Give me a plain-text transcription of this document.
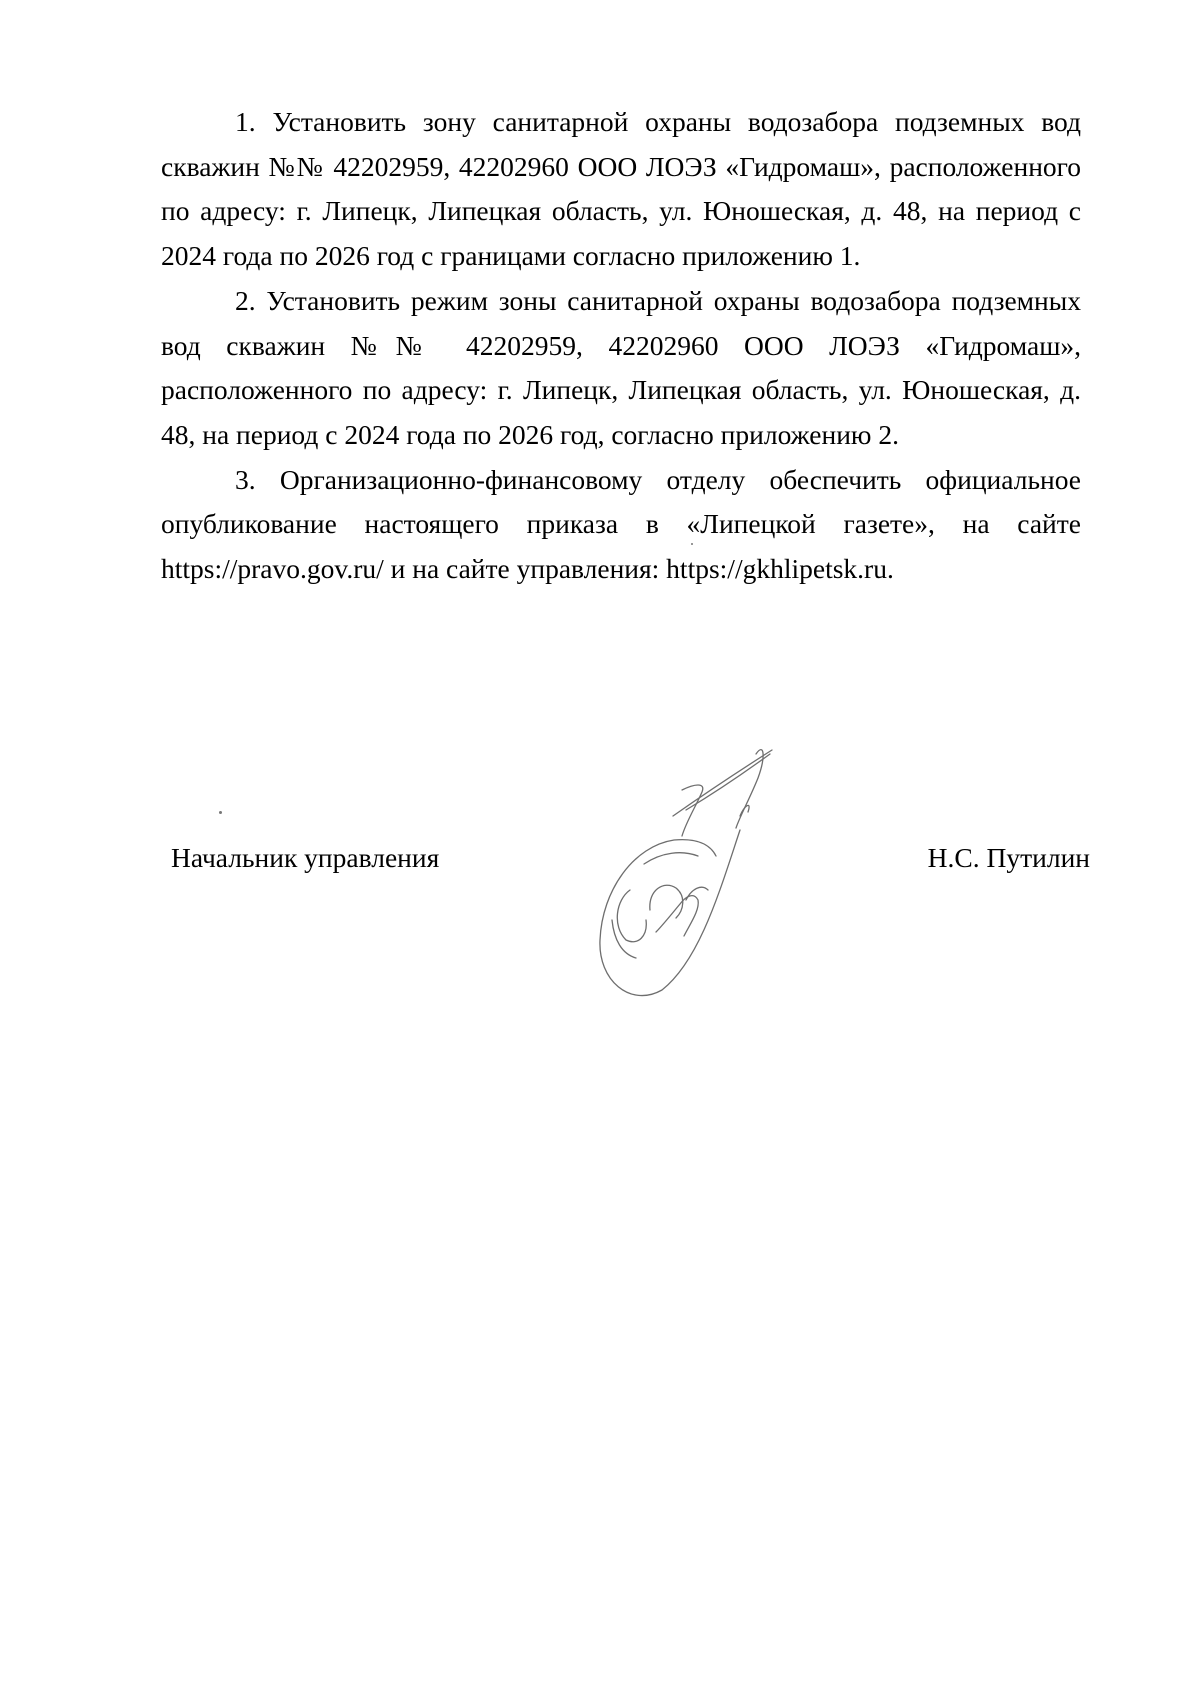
1. Установить зону санитарной охраны водозабора подземных вод скважин №№ 42202959, 42202960 ООО ЛОЭЗ «Гидромаш», расположенного по адресу: г. Липецк, Липецкая область, ул. Юношеская, д. 48, на период с 2024 года по 2026 год с границами согласно приложению 1.

2. Установить режим зоны санитарной охраны водозабора подземных вод скважин №№ 42202959, 42202960 ООО ЛОЭЗ «Гидромаш», расположенного по адресу: г. Липецк, Липецкая область, ул. Юношеская, д. 48, на период с 2024 года по 2026 год, согласно приложению 2.

3. Организационно-финансовому отделу обеспечить официальное опубликование настоящего приказа в «Липецкой газете», на сайте https://pravo.gov.ru/ и на сайте управления: https://gkhlipetsk.ru.

Начальник управления	Н.С. Путилин
